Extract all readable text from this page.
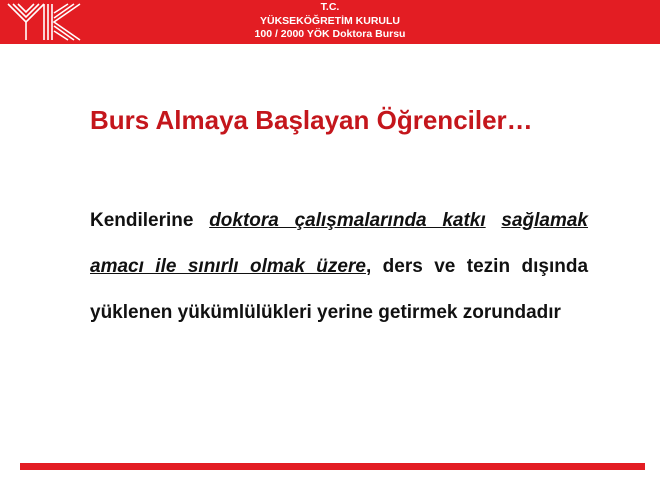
T.C.
YÜKSEKÖĞRETİM KURULU
100 / 2000 YÖK Doktora Bursu
Burs Almaya Başlayan Öğrenciler…

Kendilerine doktora çalışmalarında katkı sağlamak amacı ile sınırlı olmak üzere, ders ve tezin dışında yüklenen yükümlülükleri yerine getirmek zorundadır
